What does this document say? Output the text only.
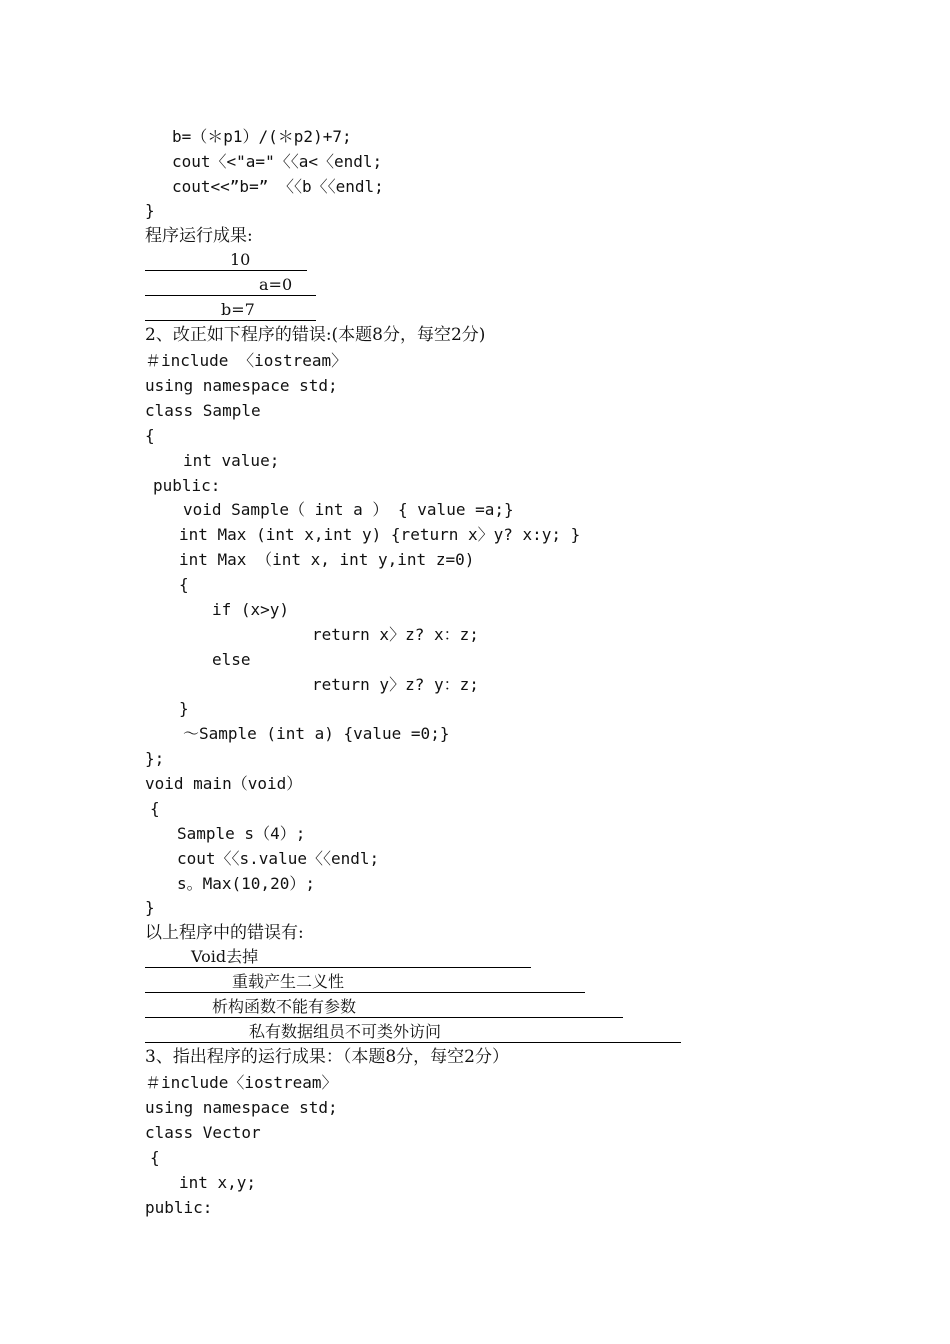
b=（＊p1）/(＊p2)+7;
cout〈<"a="〈〈a<〈endl;
cout<<”b=” 〈〈b〈〈endl;
}
程序运行成果:
10
a=0
b=7
2、改正如下程序的错误:(本题8分，每空2分)
＃include 〈iostream〉
using namespace std;
class Sample
{
int value;
public:
void Sample（ int a ） { value =a;}
int Max (int x,int y) {return x〉y? x:y; }
int Max （int x, int y,int z=0)
{
if (x>y)
return x〉z? x：z;
else
return y〉z? y：z;
}
～Sample (int a) {value =0;}
};
void main（void）
{
Sample s（4）;
cout〈〈s.value〈〈endl;
s。Max(10,20）;
}
以上程序中的错误有:
Void去掉
重载产生二义性
析构函数不能有参数
私有数据组员不可类外访问
3、指出程序的运行成果：（本题8分，每空2分）
＃include〈iostream〉
using namespace std;
class Vector
{
int x,y;
public:
